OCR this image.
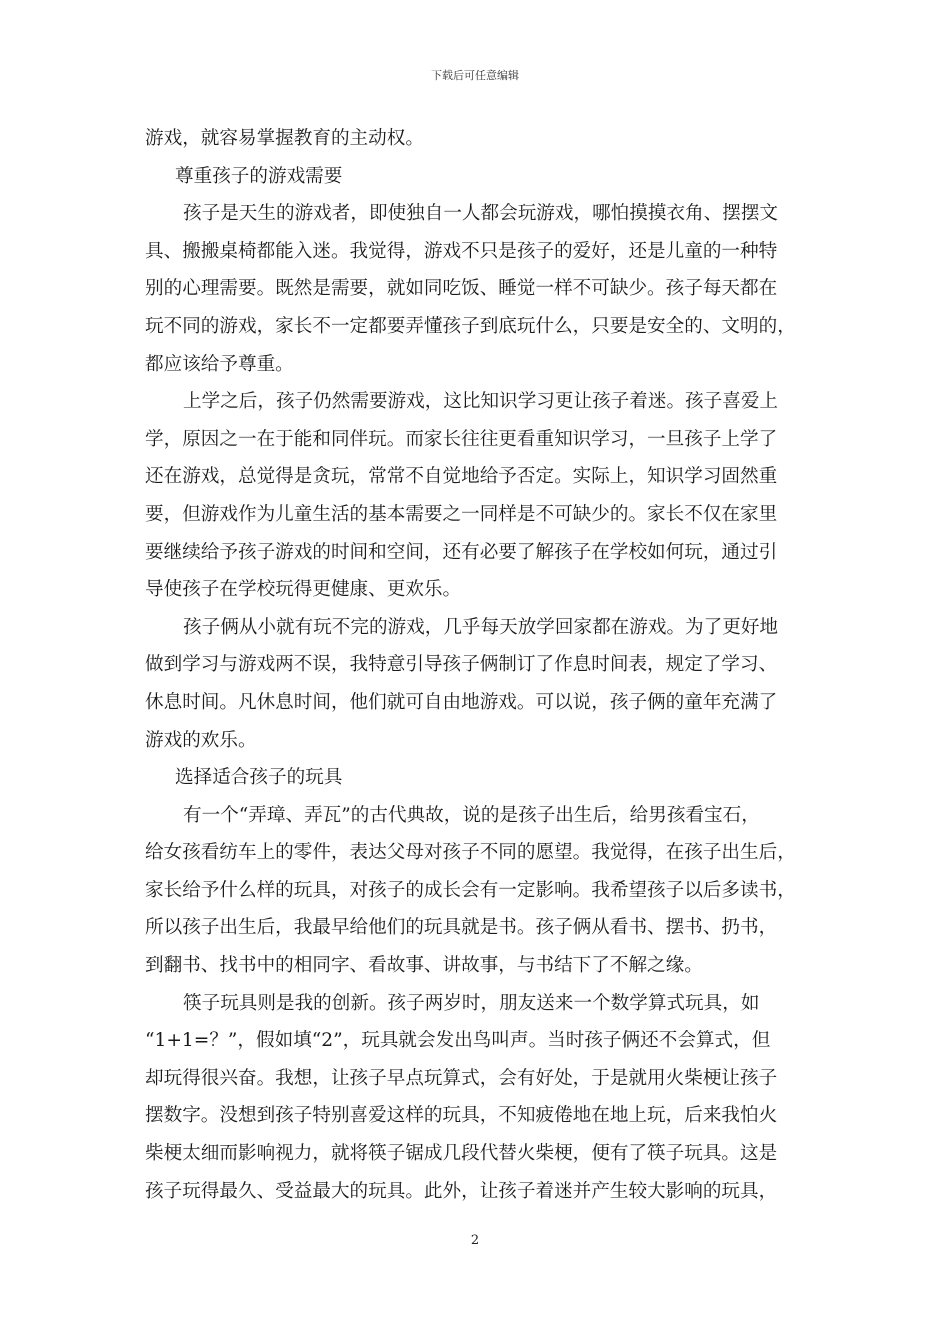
下载后可任意编辑
游戏，就容易掌握教育的主动权。
尊重孩子的游戏需要
孩子是天生的游戏者，即使独自一人都会玩游戏，哪怕摸摸衣角、摆摆文
具、搬搬桌椅都能入迷。我觉得，游戏不只是孩子的爱好，还是儿童的一种特
别的心理需要。既然是需要，就如同吃饭、睡觉一样不可缺少。孩子每天都在
玩不同的游戏，家长不一定都要弄懂孩子到底玩什么，只要是安全的、文明的，
都应该给予尊重。
上学之后，孩子仍然需要游戏，这比知识学习更让孩子着迷。孩子喜爱上
学，原因之一在于能和同伴玩。而家长往往更看重知识学习，一旦孩子上学了
还在游戏，总觉得是贪玩，常常不自觉地给予否定。实际上，知识学习固然重
要，但游戏作为儿童生活的基本需要之一同样是不可缺少的。家长不仅在家里
要继续给予孩子游戏的时间和空间，还有必要了解孩子在学校如何玩，通过引
导使孩子在学校玩得更健康、更欢乐。
孩子俩从小就有玩不完的游戏，几乎每天放学回家都在游戏。为了更好地
做到学习与游戏两不误，我特意引导孩子俩制订了作息时间表，规定了学习、
休息时间。凡休息时间，他们就可自由地游戏。可以说，孩子俩的童年充满了
游戏的欢乐。
选择适合孩子的玩具
有一个“弄璋、弄瓦”的古代典故，说的是孩子出生后，给男孩看宝石，
给女孩看纺车上的零件，表达父母对孩子不同的愿望。我觉得，在孩子出生后，
家长给予什么样的玩具，对孩子的成长会有一定影响。我希望孩子以后多读书，
所以孩子出生后，我最早给他们的玩具就是书。孩子俩从看书、摆书、扔书，
到翻书、找书中的相同字、看故事、讲故事，与书结下了不解之缘。
筷子玩具则是我的创新。孩子两岁时，朋友送来一个数学算式玩具，如
“1+1=？”，假如填“2”，玩具就会发出鸟叫声。当时孩子俩还不会算式，但
却玩得很兴奋。我想，让孩子早点玩算式，会有好处，于是就用火柴梗让孩子
摆数字。没想到孩子特别喜爱这样的玩具，不知疲倦地在地上玩，后来我怕火
柴梗太细而影响视力，就将筷子锯成几段代替火柴梗，便有了筷子玩具。这是
孩子玩得最久、受益最大的玩具。此外，让孩子着迷并产生较大影响的玩具，
2
